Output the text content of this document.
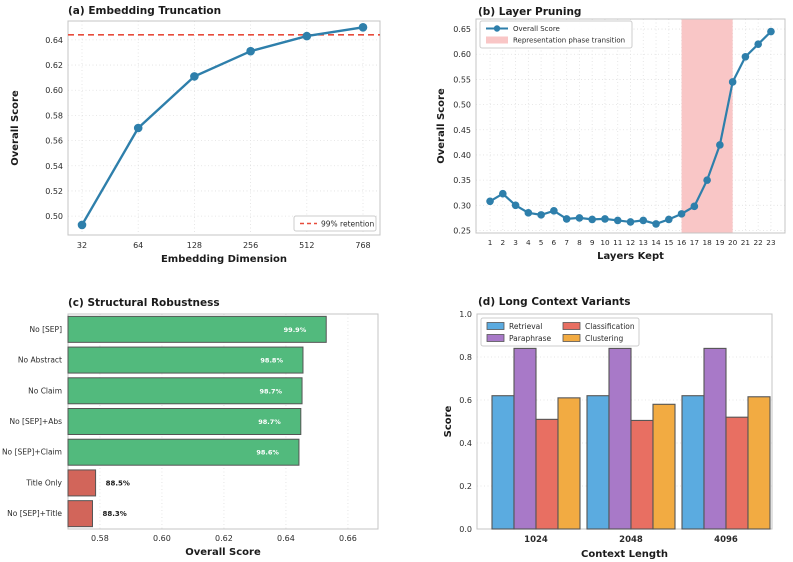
(a) Embedding Truncation
0.50
0.52
0.54
0.56
0.58
0.60
0.62
0.64
32	64	128	256	512	768
Embedding Dimension
Overall Score
99% retention
(b) Layer Pruning
0.25
0.30
0.35
0.40
0.45
0.50
0.55
0.60
0.65
1 2 3 4 5 6 7 8 9 10 11 12 13 14 15 16 17 18 19 20 21 22 23
Layers Kept
Overall Score
Overall Score
Representation phase transition
(c) Structural Robustness
99.9%
No [SEP]
98.8%
No Abstract
98.7%
No Claim
98.7%
No [SEP]+Abs
98.6%
No [SEP]+Claim
88.5%
Title Only
88.3%
No [SEP]+Title
0.58	0.60	0.62	0.64	0.66
Overall Score
(d) Long Context Variants
0.0
0.2
0.4
0.6
0.8
1.0
1024	2048	4096
Context Length
Score
Retrieval
Paraphrase
Classification
Clustering
